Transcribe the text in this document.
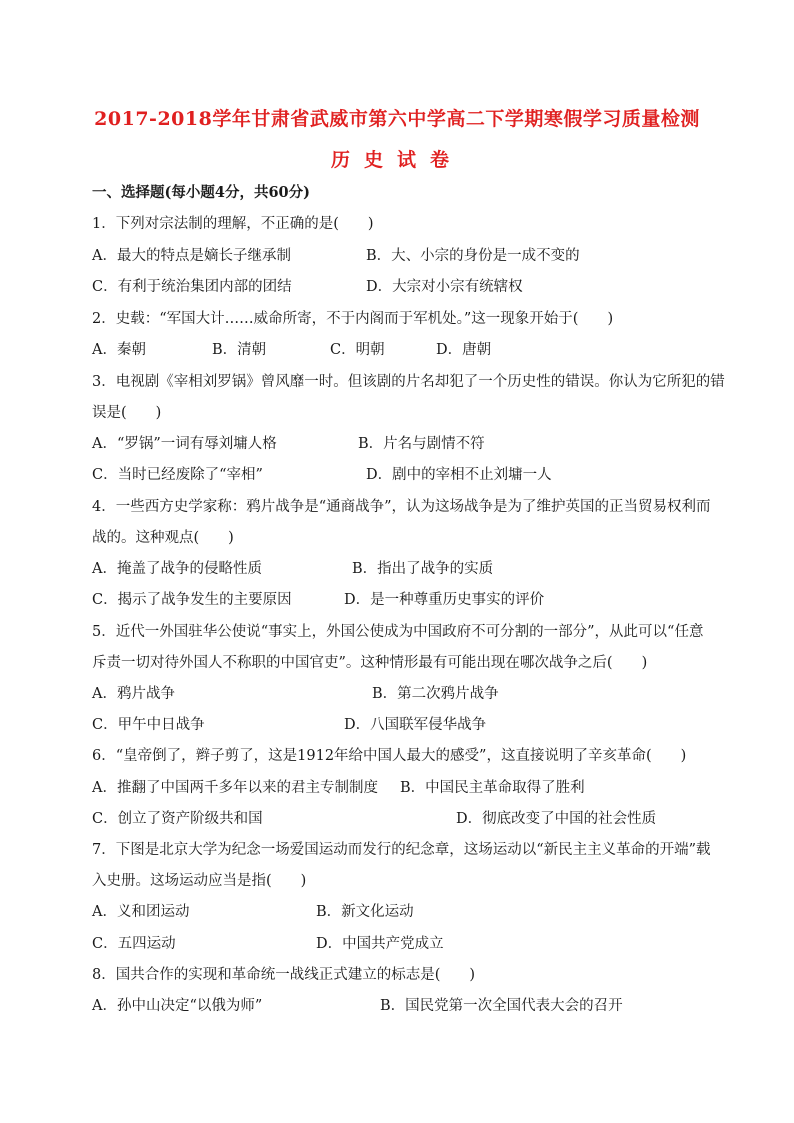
2017-2018学年甘肃省武威市第六中学高二下学期寒假学习质量检测
历史试卷
一、选择题(每小题4分，共60分)
1．下列对宗法制的理解，不正确的是(　　)
A．最大的特点是嫡长子继承制	B．大、小宗的身份是一成不变的
C．有利于统治集团内部的团结	D．大宗对小宗有统辖权
2．史载：“军国大计……威命所寄，不于内阁而于军机处。”这一现象开始于(　　)
A．秦朝	B．清朝	C．明朝	D．唐朝
3．电视剧《宰相刘罗锅》曾风靡一时。但该剧的片名却犯了一个历史性的错误。你认为它所犯的错
误是(　　)
A．“罗锅”一词有辱刘墉人格	B．片名与剧情不符
C．当时已经废除了“宰相”	D．剧中的宰相不止刘墉一人
4．一些西方史学家称：鸦片战争是“通商战争”，认为这场战争是为了维护英国的正当贸易权利而
战的。这种观点(　　)
A．掩盖了战争的侵略性质	B．指出了战争的实质
C．揭示了战争发生的主要原因	D．是一种尊重历史事实的评价
5．近代一外国驻华公使说“事实上，外国公使成为中国政府不可分割的一部分”，从此可以“任意
斥责一切对待外国人不称职的中国官吏”。这种情形最有可能出现在哪次战争之后(　　)
A．鸦片战争	B．第二次鸦片战争
C．甲午中日战争	D．八国联军侵华战争
6．“皇帝倒了，辫子剪了，这是1912年给中国人最大的感受”，这直接说明了辛亥革命(　　)
A．推翻了中国两千多年以来的君主专制制度 B．中国民主革命取得了胜利
C．创立了资产阶级共和国	D．彻底改变了中国的社会性质
7．下图是北京大学为纪念一场爱国运动而发行的纪念章，这场运动以“新民主主义革命的开端”载
入史册。这场运动应当是指(　　)
A．义和团运动	B．新文化运动
C．五四运动	D．中国共产党成立
8．国共合作的实现和革命统一战线正式建立的标志是(　　)
A．孙中山决定“以俄为师”	B．国民党第一次全国代表大会的召开
